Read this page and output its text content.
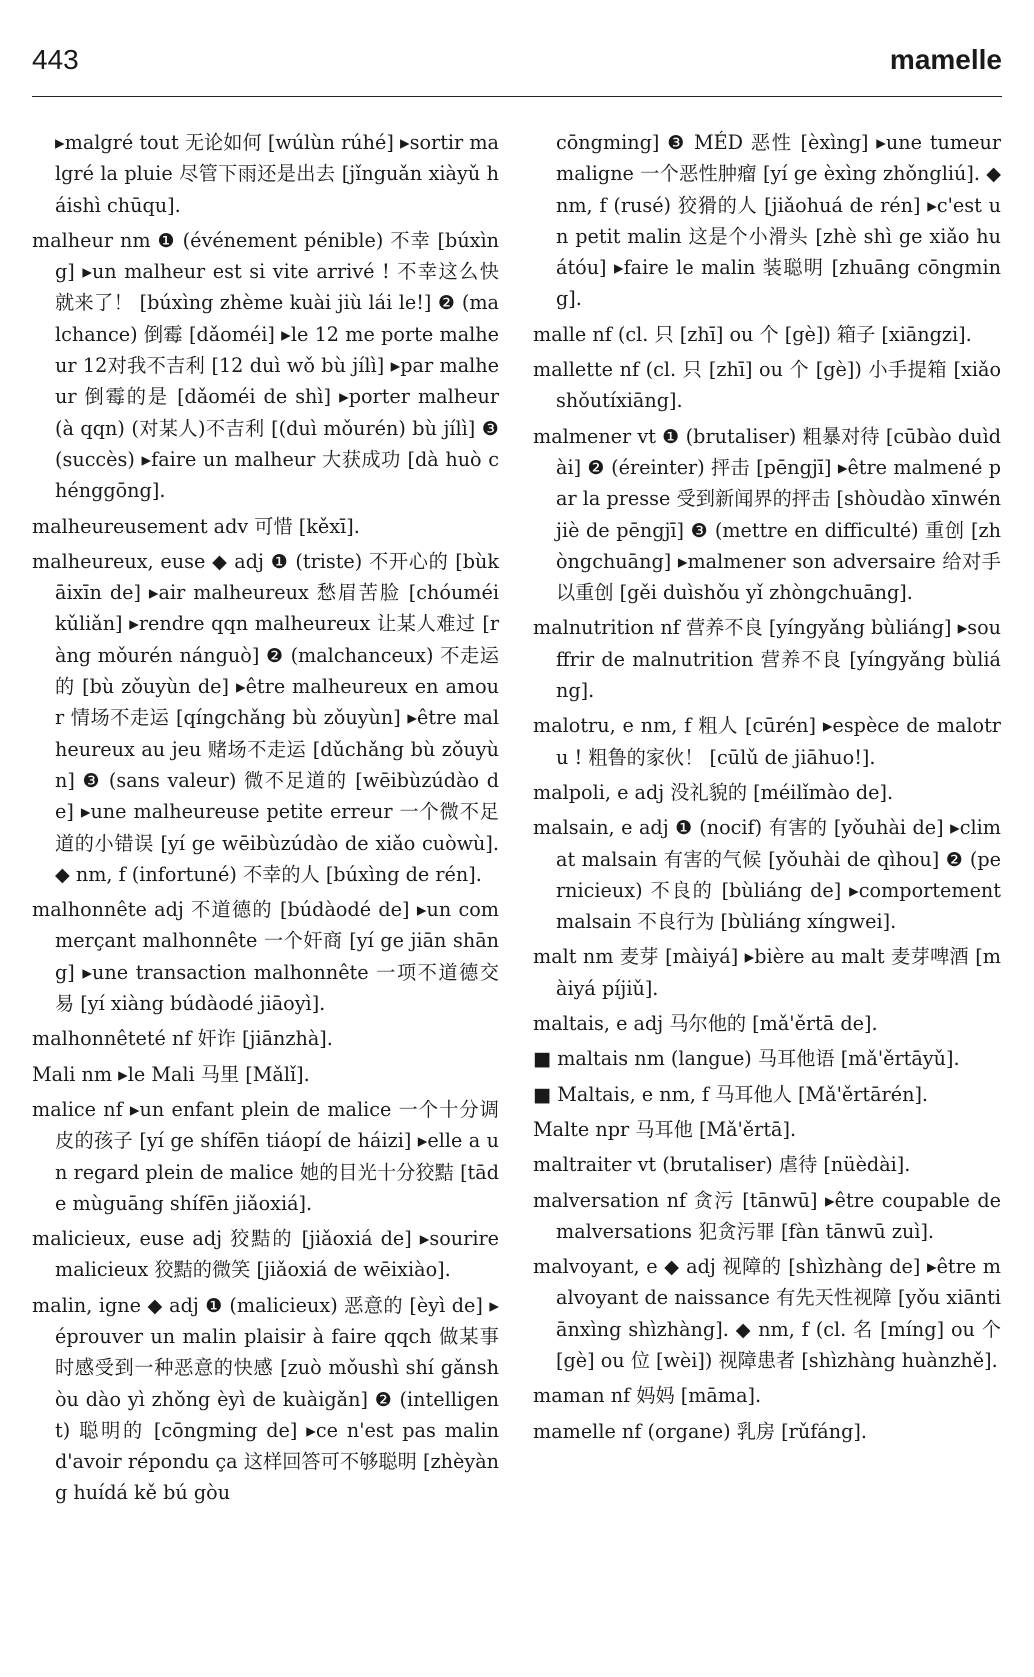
443	mamelle

▸malgré tout 无论如何 [wúlùn rúhé] ▸sortir malgré la pluie 尽管下雨还是出去 [jǐnguǎn xiàyǔ háishì chūqu].

malheur nm ❶ (événement pénible) 不幸 [búxìng] ▸un malheur est si vite arrivé ! 不幸这么快就来了！ [búxìng zhème kuài jiù lái le!] ❷ (malchance) 倒霉 [dǎoméi] ▸le 12 me porte malheur 12对我不吉利 [12 duì wǒ bù jílì] ▸par malheur 倒霉的是 [dǎoméi de shì] ▸porter malheur (à qqn) (对某人)不吉利 [(duì mǒurén) bù jílì] ❸ (succès) ▸faire un malheur 大获成功 [dà huò chénggōng].

malheureusement adv 可惜 [kěxī].

malheureux, euse ◆ adj ❶ (triste) 不开心的 [bùkāixīn de] ▸air malheureux 愁眉苦脸 [chóuméi kǔliǎn] ▸rendre qqn malheureux 让某人难过 [ràng mǒurén nánguò] ❷ (malchanceux) 不走运的 [bù zǒuyùn de] ▸être malheureux en amour 情场不走运 [qíngchǎng bù zǒuyùn] ▸être malheureux au jeu 赌场不走运 [dǔchǎng bù zǒuyùn] ❸ (sans valeur) 微不足道的 [wēibùzúdào de] ▸une malheureuse petite erreur 一个微不足道的小错误 [yí ge wēibùzúdào de xiǎo cuòwù]. ◆ nm, f (infortuné) 不幸的人 [búxìng de rén].

malhonnête adj 不道德的 [búdàodé de] ▸un commerçant malhonnête 一个奸商 [yí ge jiān shāng] ▸une transaction malhonnête 一项不道德交易 [yí xiàng búdàodé jiāoyì].

malhonnêteté nf 奸诈 [jiānzhà].

Mali nm ▸le Mali 马里 [Mǎlǐ].

malice nf ▸un enfant plein de malice 一个十分调皮的孩子 [yí ge shífēn tiáopí de háizi] ▸elle a un regard plein de malice 她的目光十分狡黠 [tāde mùguāng shífēn jiǎoxiá].

malicieux, euse adj 狡黠的 [jiǎoxiá de] ▸sourire malicieux 狡黠的微笑 [jiǎoxiá de wēixiào].

malin, igne ◆ adj ❶ (malicieux) 恶意的 [èyì de] ▸éprouver un malin plaisir à faire qqch 做某事时感受到一种恶意的快感 [zuò mǒushì shí gǎnshòu dào yì zhǒng èyì de kuàigǎn] ❷ (intelligent) 聪明的 [cōngming de] ▸ce n'est pas malin d'avoir répondu ça 这样回答可不够聪明 [zhèyàng huídá kě bú gòu

cōngming] ❸ MÉD 恶性 [èxìng] ▸une tumeur maligne 一个恶性肿瘤 [yí ge èxìng zhǒngliú]. ◆ nm, f (rusé) 狡猾的人 [jiǎohuá de rén] ▸c'est un petit malin 这是个小滑头 [zhè shì ge xiǎo huátóu] ▸faire le malin 装聪明 [zhuāng cōngming].

malle nf (cl. 只 [zhī] ou 个 [gè]) 箱子 [xiāngzi].

mallette nf (cl. 只 [zhī] ou 个 [gè]) 小手提箱 [xiǎo shǒutíxiāng].

malmener vt ❶ (brutaliser) 粗暴对待 [cūbào duìdài] ❷ (éreinter) 抨击 [pēngjī] ▸être malmené par la presse 受到新闻界的抨击 [shòudào xīnwénjiè de pēngjī] ❸ (mettre en difficulté) 重创 [zhòngchuāng] ▸malmener son adversaire 给对手以重创 [gěi duìshǒu yǐ zhòngchuāng].

malnutrition nf 营养不良 [yíngyǎng bùliáng] ▸souffrir de malnutrition 营养不良 [yíngyǎng bùliáng].

malotru, e nm, f 粗人 [cūrén] ▸espèce de malotru ! 粗鲁的家伙！ [cūlǔ de jiāhuo!].

malpoli, e adj 没礼貌的 [méilǐmào de].

malsain, e adj ❶ (nocif) 有害的 [yǒuhài de] ▸climat malsain 有害的气候 [yǒuhài de qìhou] ❷ (pernicieux) 不良的 [bùliáng de] ▸comportement malsain 不良行为 [bùliáng xíngwei].

malt nm 麦芽 [màiyá] ▸bière au malt 麦芽啤酒 [màiyá píjiǔ].

maltais, e adj 马尔他的 [mǎ'ěrtā de].

■ maltais nm (langue) 马耳他语 [mǎ'ěrtāyǔ].

■ Maltais, e nm, f 马耳他人 [Mǎ'ěrtārén].

Malte npr 马耳他 [Mǎ'ěrtā].

maltraiter vt (brutaliser) 虐待 [nüèdài].

malversation nf 贪污 [tānwū] ▸être coupable de malversations 犯贪污罪 [fàn tānwū zuì].

malvoyant, e ◆ adj 视障的 [shìzhàng de] ▸être malvoyant de naissance 有先天性视障 [yǒu xiāntiānxìng shìzhàng]. ◆ nm, f (cl. 名 [míng] ou 个 [gè] ou 位 [wèi]) 视障患者 [shìzhàng huànzhě].

maman nf 妈妈 [māma].

mamelle nf (organe) 乳房 [rǔfáng].
